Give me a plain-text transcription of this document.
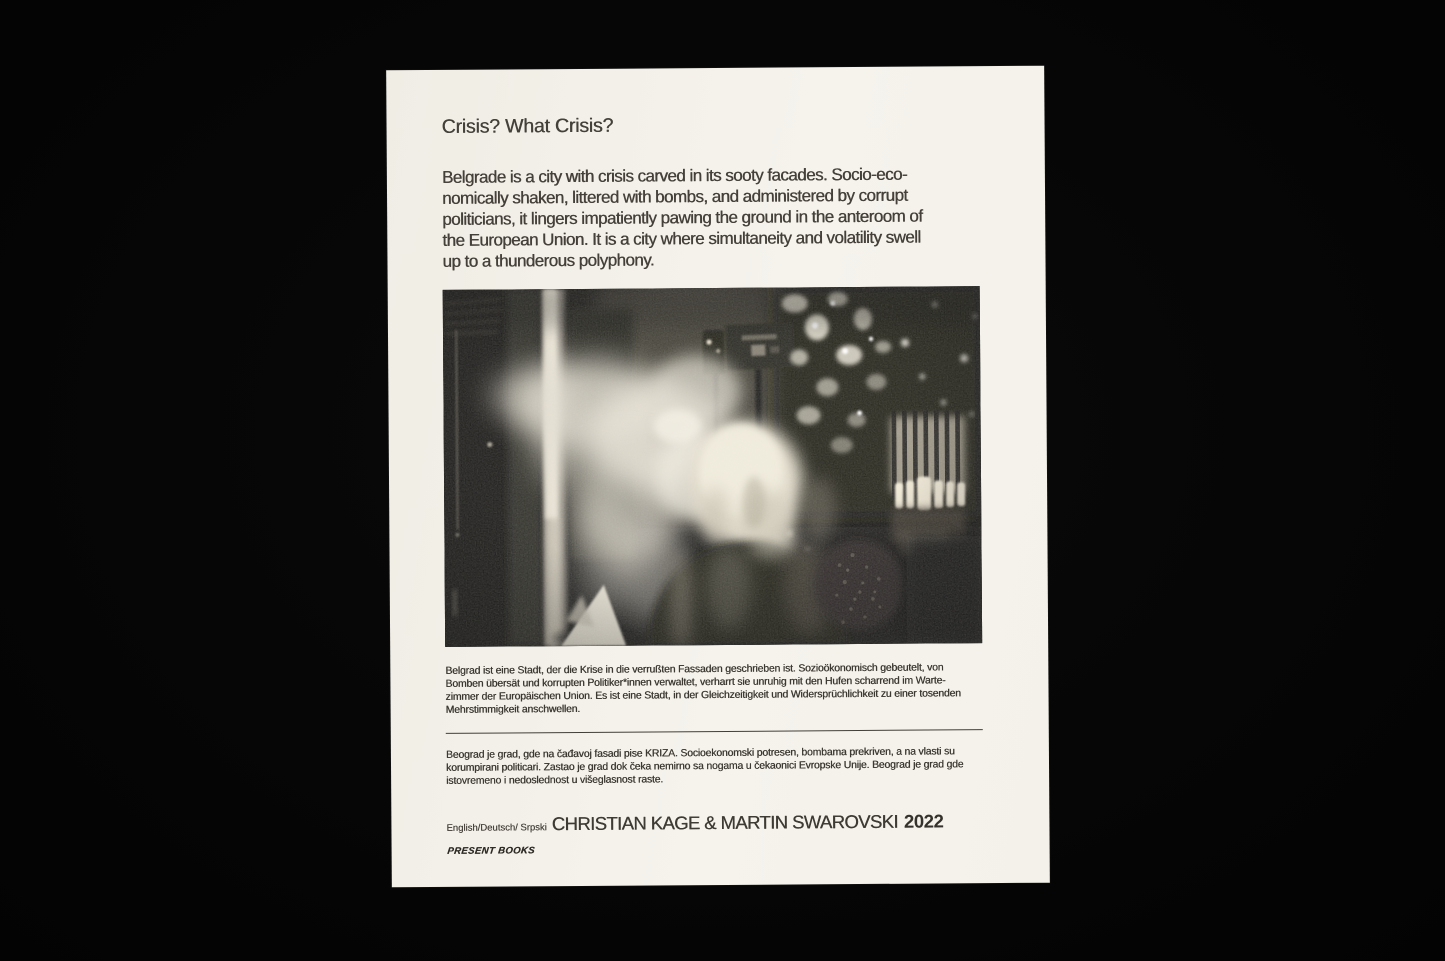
Crisis? What Crisis?

Belgrade is a city with crisis carved in its sooty facades. Socio-eco-
nomically shaken, littered with bombs, and administered by corrupt
politicians, it lingers impatiently pawing the ground in the anteroom of
the European Union. It is a city where simultaneity and volatility swell
up to a thunderous polyphony.

Belgrad ist eine Stadt, der die Krise in die verrußten Fassaden geschrieben ist. Sozioökonomisch gebeutelt, von
Bomben übersät und korrupten Politiker*innen verwaltet, verharrt sie unruhig mit den Hufen scharrend im Warte-
zimmer der Europäischen Union. Es ist eine Stadt, in der Gleichzeitigkeit und Widersprüchlichkeit zu einer tosenden
Mehrstimmigkeit anschwellen.

Beograd je grad, gde na čađavoj fasadi pise KRIZA. Socioekonomski potresen, bombama prekriven, a na vlasti su
korumpirani politicari. Zastao je grad dok čeka nemirno sa nogama u čekaonici Evropske Unije. Beograd je grad gde
istovremeno i nedoslednost u višeglasnost raste.

English/Deutsch/ Srpski CHRISTIAN KAGE & MARTIN SWAROVSKI 2022
PRESENT BOOKS
